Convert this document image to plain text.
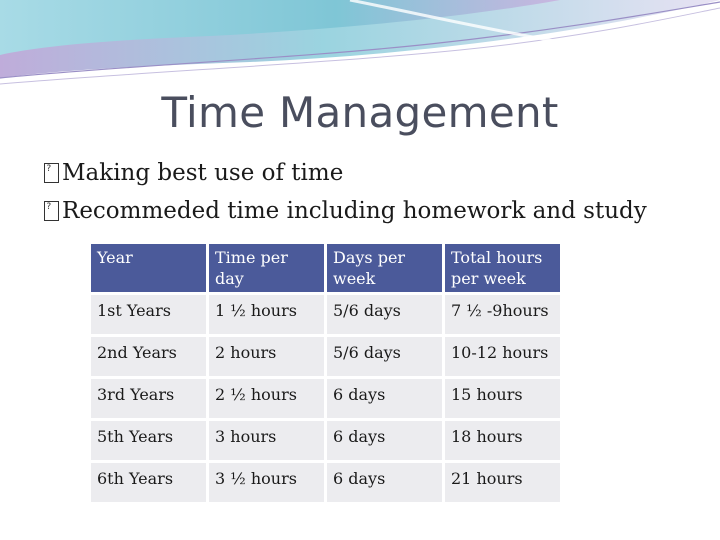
Time Management
? Making best use of time
? Recommeded time including homework and study
Year	Time per day	Days per week	Total hours per week
1st Years	1 ½ hours	5/6 days	7 ½ -9hours
2nd Years	2 hours	5/6 days	10-12 hours
3rd Years	2 ½ hours	6 days	15 hours
5th Years	3 hours	6 days	18 hours
6th Years	3 ½ hours	6 days	21 hours
